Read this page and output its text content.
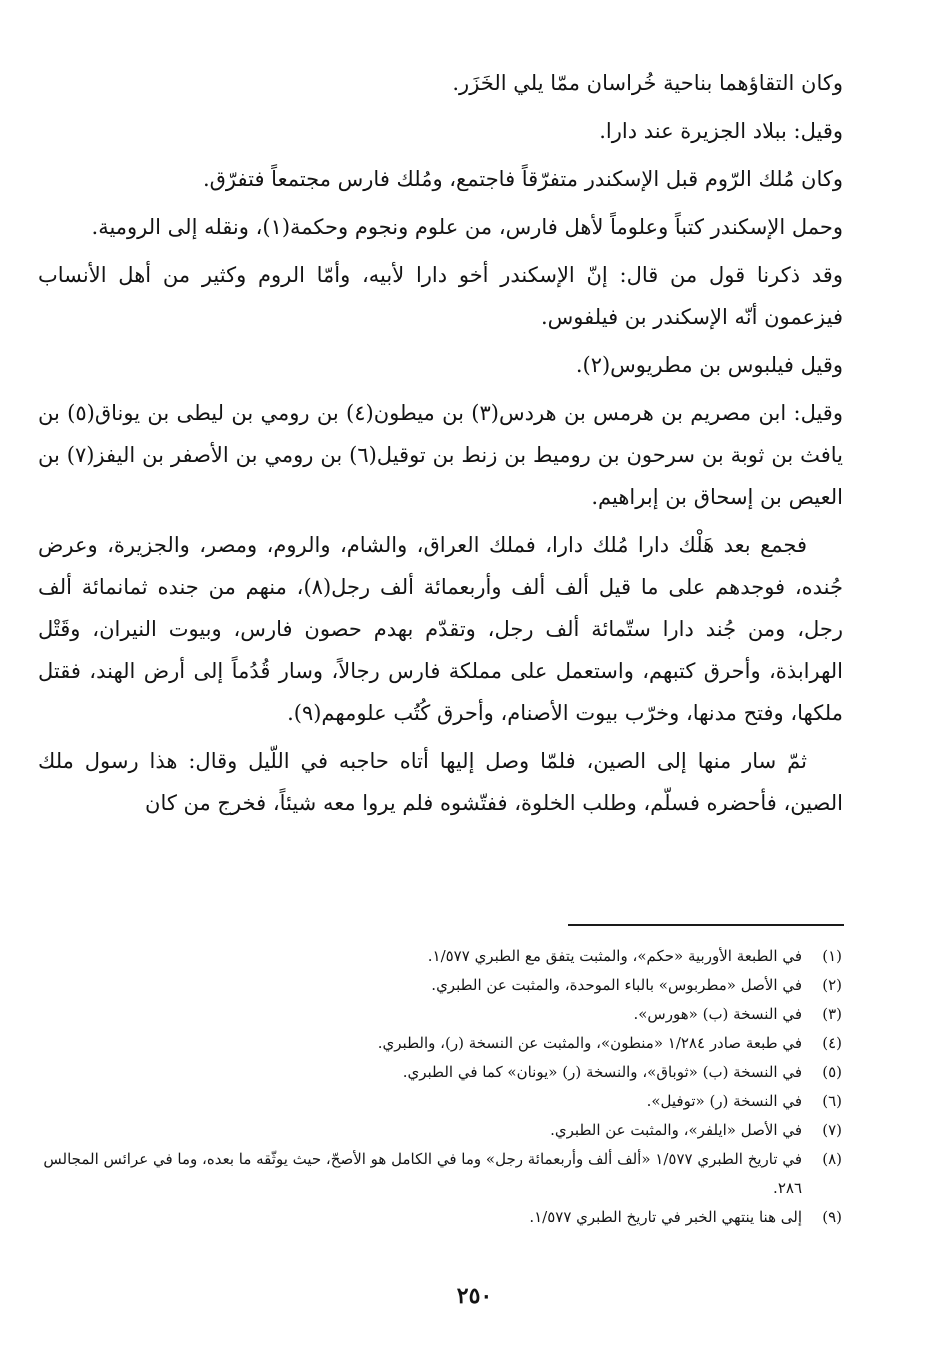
وكان التقاؤهما بناحية خُراسان ممّا يلي الخَزَر.

وقيل: ببلاد الجزيرة عند دارا.

وكان مُلك الرّوم قبل الإسكندر متفرّقاً فاجتمع، ومُلك فارس مجتمعاً فتفرّق.

وحمل الإسكندر كتباً وعلوماً لأهل فارس، من علوم ونجوم وحكمة(١)، ونقله إلى الرومية.

وقد ذكرنا قول من قال: إنّ الإسكندر أخو دارا لأبيه، وأمّا الروم وكثير من أهل الأنساب فيزعمون أنّه الإسكندر بن فيلفوس.

وقيل فيلبوس بن مطريوس(٢).

وقيل: ابن مصريم بن هرمس بن هردس(٣) بن ميطون(٤) بن رومي بن ليطى بن يوناق(٥) بن يافث بن ثوبة بن سرحون بن روميط بن زنط بن توقيل(٦) بن رومي بن الأصفر بن اليفز(٧) بن العيص بن إسحاق بن إبراهيم.

فجمع بعد هَلْك دارا مُلك دارا، فملك العراق، والشام، والروم، ومصر، والجزيرة، وعرض جُنده، فوجدهم على ما قيل ألف ألف وأربعمائة ألف رجل(٨)، منهم من جنده ثمانمائة ألف رجل، ومن جُند دارا ستّمائة ألف رجل، وتقدّم بهدم حصون فارس، وبيوت النيران، وقَتْل الهرابذة، وأحرق كتبهم، واستعمل على مملكة فارس رجالاً، وسار قُدُماً إلى أرض الهند، فقتل ملكها، وفتح مدنها، وخرّب بيوت الأصنام، وأحرق كُتُب علومهم(٩).

ثمّ سار منها إلى الصين، فلمّا وصل إليها أتاه حاجبه في اللّيل وقال: هذا رسول ملك الصين، فأحضره فسلّم، وطلب الخلوة، ففتّشوه فلم يروا معه شيئاً، فخرج من كان

(١)
في الطبعة الأوربية «حكم»، والمثبت يتفق مع الطبري ١/٥٧٧.
(٢)
في الأصل «مطربوس» بالباء الموحدة، والمثبت عن الطبري.
(٣)
في النسخة (ب) «هورس».
(٤)
في طبعة صادر ١/٢٨٤ «منطون»، والمثبت عن النسخة (ر)، والطبري.
(٥)
في النسخة (ب) «ثوباق»، والنسخة (ر) «يونان» كما في الطبري.
(٦)
في النسخة (ر) «توفيل».
(٧)
في الأصل «ايلفر»، والمثبت عن الطبري.
(٨)
في تاريخ الطبري ١/٥٧٧ «ألف ألف وأربعمائة رجل» وما في الكامل هو الأصحّ، حيث يوثّقه ما بعده، وما في عرائس المجالس ٢٨٦.
(٩)
إلى هنا ينتهي الخبر في تاريخ الطبري ١/٥٧٧.
٢٥٠
